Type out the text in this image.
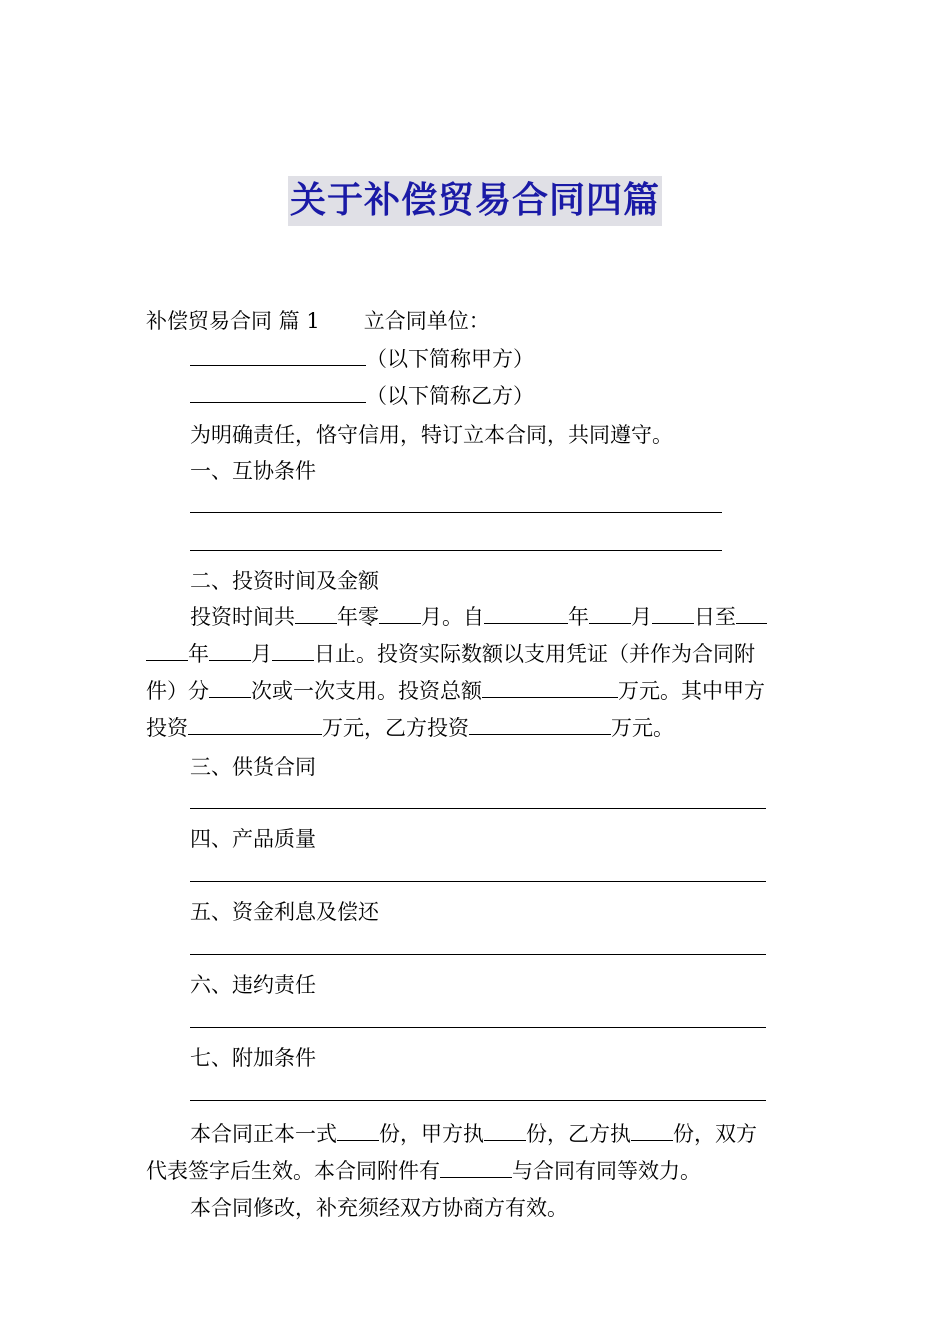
关于补偿贸易合同四篇
补偿贸易合同 篇 1 立合同单位：
（以下简称甲方）
（以下简称乙方）
为明确责任，恪守信用，特订立本合同，共同遵守。
一、互协条件
二、投资时间及金额
投资时间共 年零 月。自	年 月 日至
年 月 日止。投资实际数额以支用凭证（并作为合同附
件）分 次或一次支用。投资总额	万元。其中甲方
投资	万元，乙方投资	万元。
三、供货合同
四、产品质量
五、资金利息及偿还
六、违约责任
七、附加条件
本合同正本一式 份，甲方执 份，乙方执 份，双方
代表签字后生效。本合同附件有	与合同有同等效力。
本合同修改，补充须经双方协商方有效。
